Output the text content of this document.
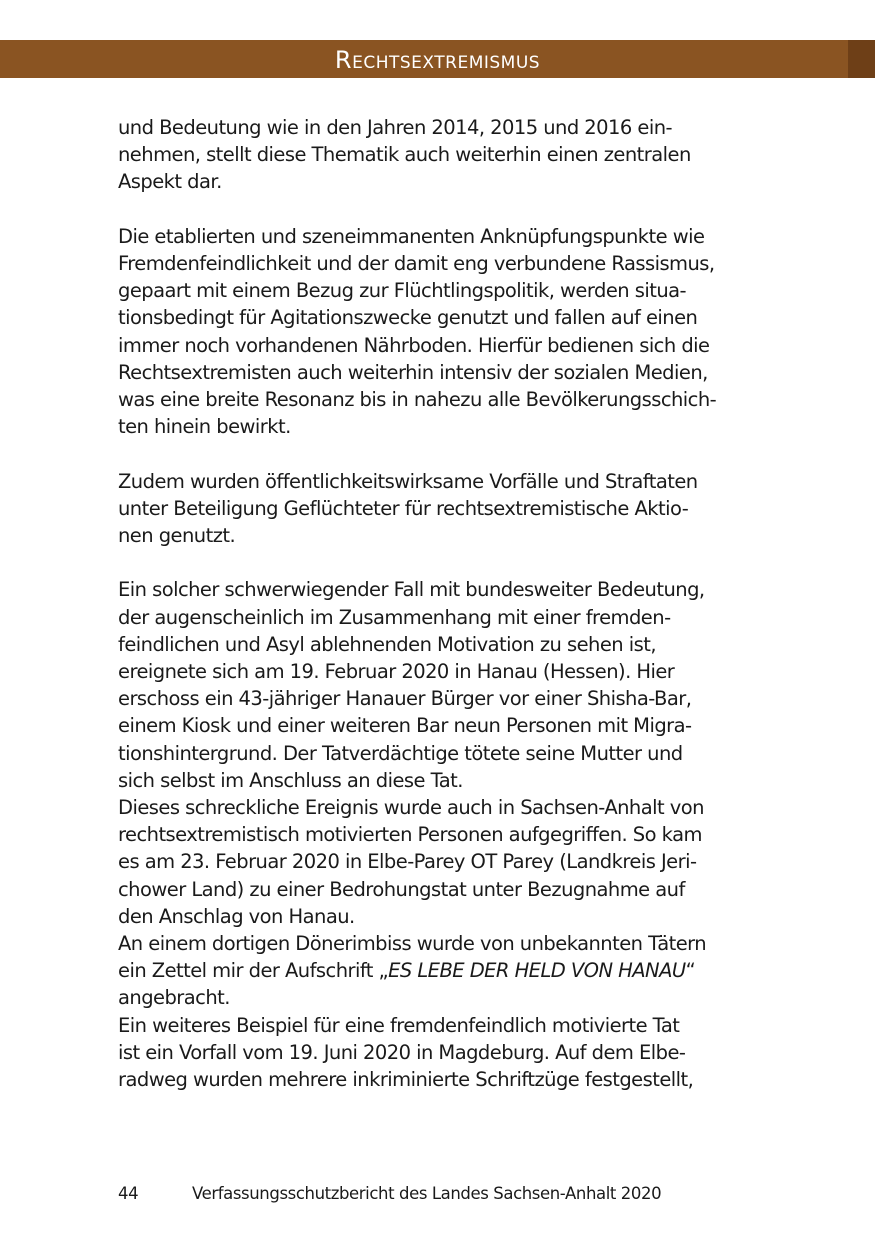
Rechtsextremismus

und Bedeutung wie in den Jahren 2014, 2015 und 2016 ein-
nehmen, stellt diese Thematik auch weiterhin einen zentralen
Aspekt dar.

Die etablierten und szeneimmanenten Anknüpfungspunkte wie
Fremdenfeindlichkeit und der damit eng verbundene Rassismus,
gepaart mit einem Bezug zur Flüchtlingspolitik, werden situa-
tionsbedingt für Agitationszwecke genutzt und fallen auf einen
immer noch vorhandenen Nährboden. Hierfür bedienen sich die
Rechtsextremisten auch weiterhin intensiv der sozialen Medien,
was eine breite Resonanz bis in nahezu alle Bevölkerungsschich-
ten hinein bewirkt.

Zudem wurden öffentlichkeitswirksame Vorfälle und Straftaten
unter Beteiligung Geflüchteter für rechtsextremistische Aktio-
nen genutzt.

Ein solcher schwerwiegender Fall mit bundesweiter Bedeutung,
der augenscheinlich im Zusammenhang mit einer fremden-
feindlichen und Asyl ablehnenden Motivation zu sehen ist,
ereignete sich am 19. Februar 2020 in Hanau (Hessen). Hier
erschoss ein 43-jähriger Hanauer Bürger vor einer Shisha-Bar,
einem Kiosk und einer weiteren Bar neun Personen mit Migra-
tionshintergrund. Der Tatverdächtige tötete seine Mutter und
sich selbst im Anschluss an diese Tat.

Dieses schreckliche Ereignis wurde auch in Sachsen-Anhalt von
rechtsextremistisch motivierten Personen aufgegriffen. So kam
es am 23. Februar 2020 in Elbe-Parey OT Parey (Landkreis Jeri-
chower Land) zu einer Bedrohungstat unter Bezugnahme auf
den Anschlag von Hanau.

An einem dortigen Dönerimbiss wurde von unbekannten Tätern
ein Zettel mir der Aufschrift „ES LEBE DER HELD VON HANAU“
angebracht.

Ein weiteres Beispiel für eine fremdenfeindlich motivierte Tat
ist ein Vorfall vom 19. Juni 2020 in Magdeburg. Auf dem Elbe-
radweg wurden mehrere inkriminierte Schriftzüge festgestellt,

44	Verfassungsschutzbericht des Landes Sachsen-Anhalt 2020
